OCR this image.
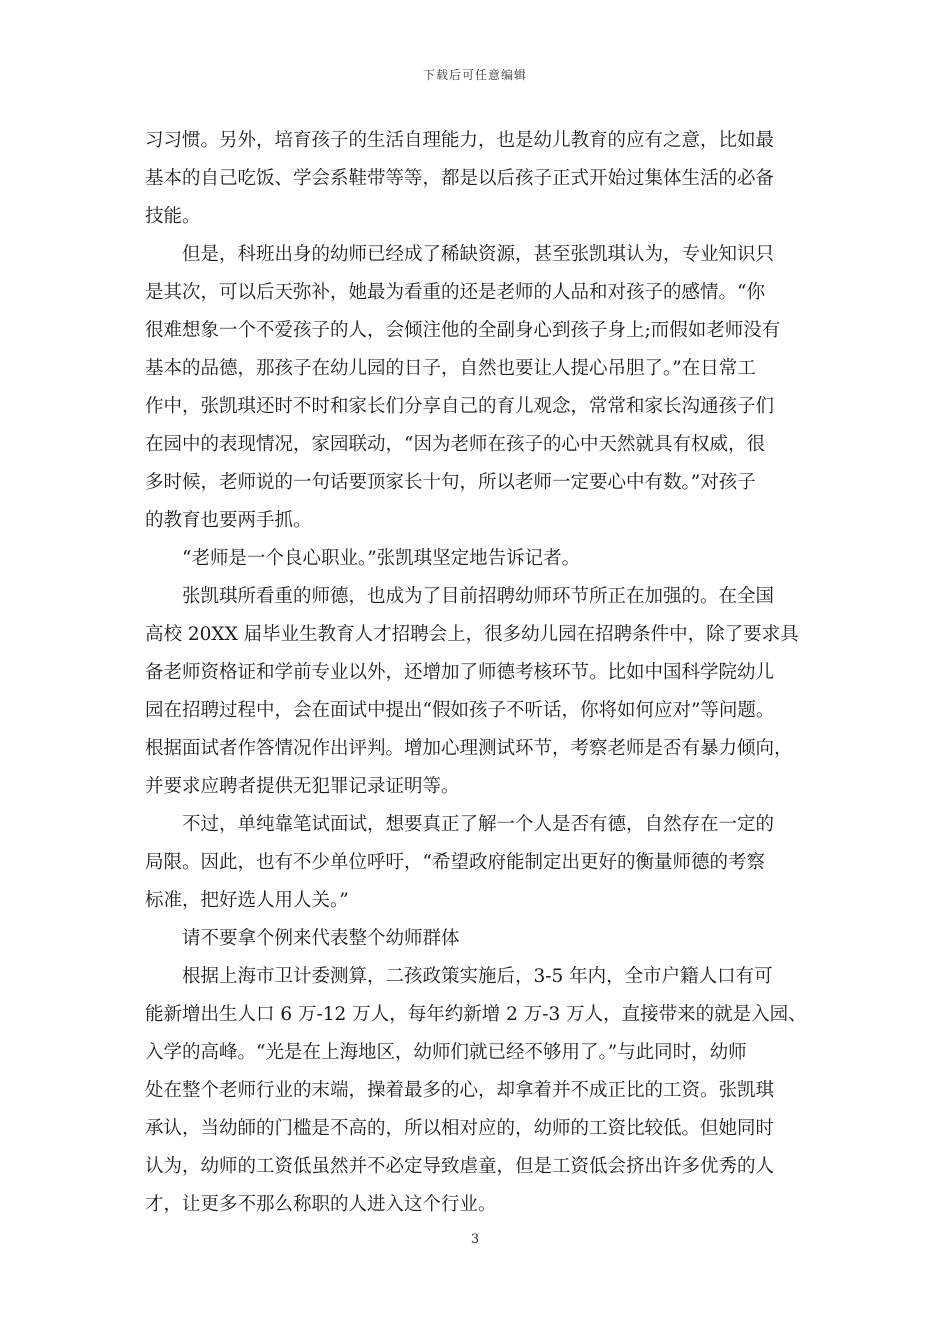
下载后可任意编辑
习习惯。另外，培育孩子的生活自理能力，也是幼儿教育的应有之意，比如最
基本的自己吃饭、学会系鞋带等等，都是以后孩子正式开始过集体生活的必备
技能。
　　但是，科班出身的幼师已经成了稀缺资源，甚至张凯琪认为，专业知识只
是其次，可以后天弥补，她最为看重的还是老师的人品和对孩子的感情。“你
很难想象一个不爱孩子的人，会倾注他的全副身心到孩子身上;而假如老师没有
基本的品德，那孩子在幼儿园的日子，自然也要让人提心吊胆了。”在日常工
作中，张凯琪还时不时和家长们分享自己的育儿观念，常常和家长沟通孩子们
在园中的表现情况，家园联动，“因为老师在孩子的心中天然就具有权威，很
多时候，老师说的一句话要顶家长十句，所以老师一定要心中有数。”对孩子
的教育也要两手抓。
　　“老师是一个良心职业。”张凯琪坚定地告诉记者。
　　张凯琪所看重的师德，也成为了目前招聘幼师环节所正在加强的。在全国
高校 20XX 届毕业生教育人才招聘会上，很多幼儿园在招聘条件中，除了要求具
备老师资格证和学前专业以外，还增加了师德考核环节。比如中国科学院幼儿
园在招聘过程中，会在面试中提出“假如孩子不听话，你将如何应对”等问题。
根据面试者作答情况作出评判。增加心理测试环节，考察老师是否有暴力倾向，
并要求应聘者提供无犯罪记录证明等。
　　不过，单纯靠笔试面试，想要真正了解一个人是否有德，自然存在一定的
局限。因此，也有不少单位呼吁，“希望政府能制定出更好的衡量师德的考察
标准，把好选人用人关。”
　　请不要拿个例来代表整个幼师群体
　　根据上海市卫计委测算，二孩政策实施后，3-5 年内，全市户籍人口有可
能新增出生人口 6 万-12 万人，每年约新增 2 万-3 万人，直接带来的就是入园、
入学的高峰。“光是在上海地区，幼师们就已经不够用了。”与此同时，幼师
处在整个老师行业的末端，操着最多的心，却拿着并不成正比的工资。张凯琪
承认，当幼師的门槛是不高的，所以相对应的，幼师的工资比较低。但她同时
认为，幼师的工资低虽然并不必定导致虐童，但是工资低会挤出许多优秀的人
才，让更多不那么称职的人进入这个行业。
3
